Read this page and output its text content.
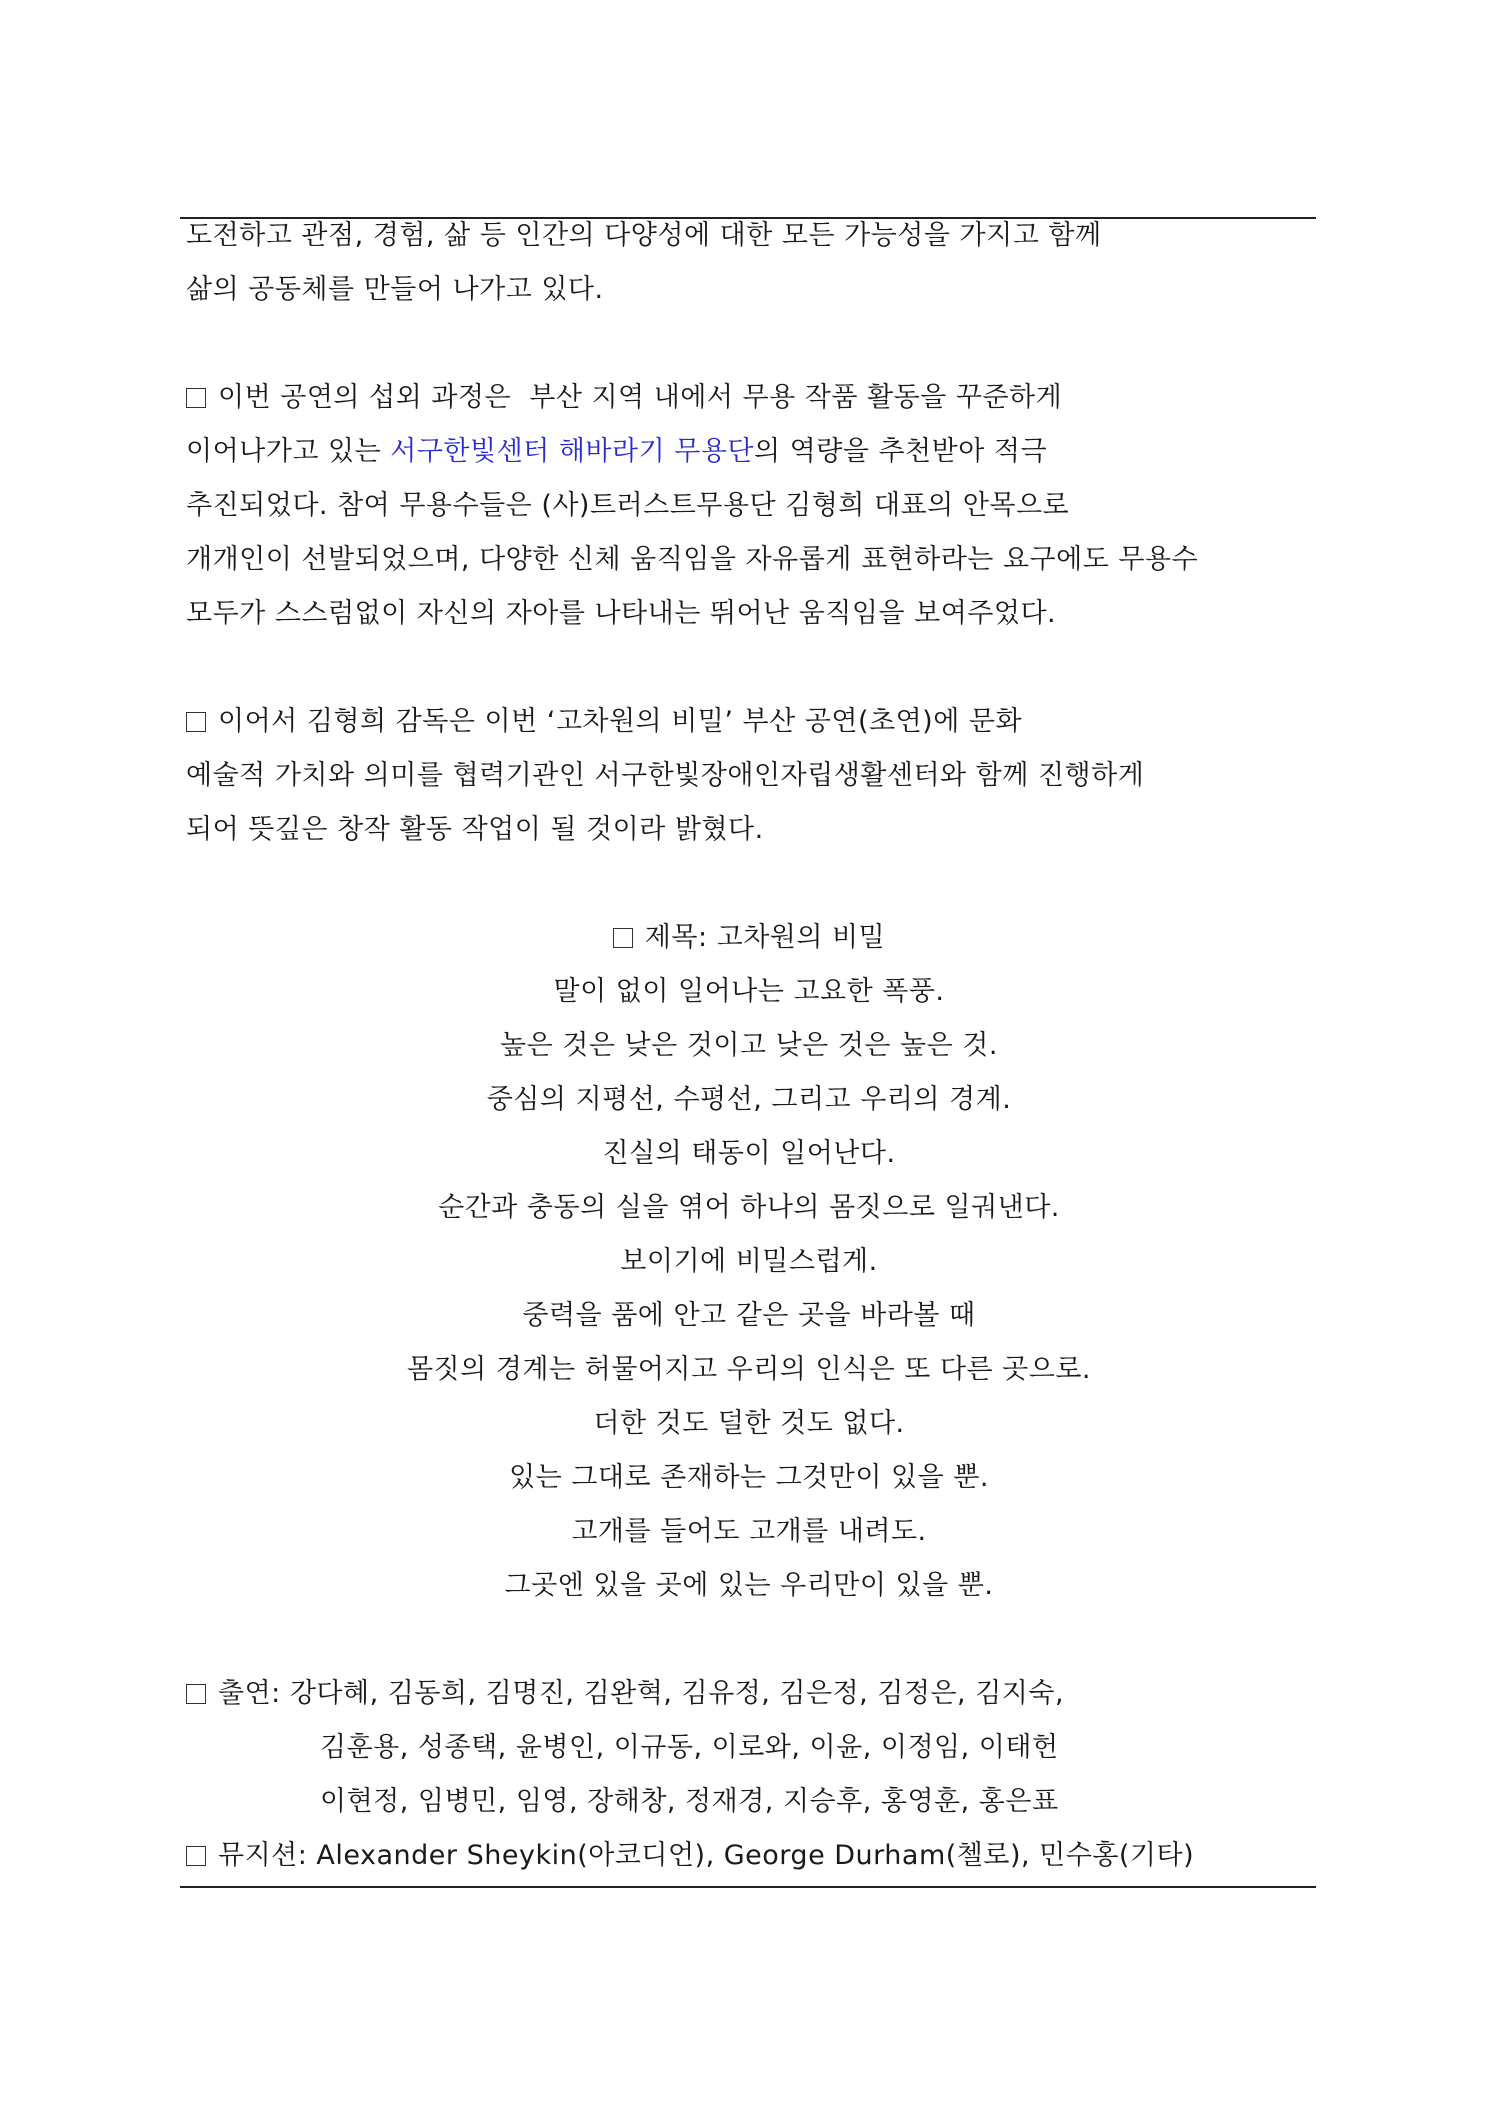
도전하고 관점, 경험, 삶 등 인간의 다양성에 대한 모든 가능성을 가지고 함께
삶의 공동체를 만들어 나가고 있다.
이번 공연의 섭외 과정은  부산 지역 내에서 무용 작품 활동을 꾸준하게
이어나가고 있는 서구한빛센터 해바라기 무용단의 역량을 추천받아 적극
추진되었다. 참여 무용수들은 (사)트러스트무용단 김형희 대표의 안목으로
개개인이 선발되었으며, 다양한 신체 움직임을 자유롭게 표현하라는 요구에도 무용수
모두가 스스럼없이 자신의 자아를 나타내는 뛰어난 움직임을 보여주었다.
이어서 김형희 감독은 이번 ‘고차원의 비밀’ 부산 공연(초연)에 문화
예술적 가치와 의미를 협력기관인 서구한빛장애인자립생활센터와 함께 진행하게
되어 뜻깊은 창작 활동 작업이 될 것이라 밝혔다.
제목: 고차원의 비밀
말이 없이 일어나는 고요한 폭풍.
높은 것은 낮은 것이고 낮은 것은 높은 것.
중심의 지평선, 수평선, 그리고 우리의 경계.
진실의 태동이 일어난다.
순간과 충동의 실을 엮어 하나의 몸짓으로 일궈낸다.
보이기에 비밀스럽게.
중력을 품에 안고 같은 곳을 바라볼 때
몸짓의 경계는 허물어지고 우리의 인식은 또 다른 곳으로.
더한 것도 덜한 것도 없다.
있는 그대로 존재하는 그것만이 있을 뿐.
고개를 들어도 고개를 내려도.
그곳엔 있을 곳에 있는 우리만이 있을 뿐.
출연: 강다혜, 김동희, 김명진, 김완혁, 김유정, 김은정, 김정은, 김지숙,
김훈용, 성종택, 윤병인, 이규동, 이로와, 이윤, 이정임, 이태헌
이현정, 임병민, 임영, 장해창, 정재경, 지승후, 홍영훈, 홍은표
뮤지션: Alexander Sheykin(아코디언), George Durham(첼로), 민수홍(기타)
